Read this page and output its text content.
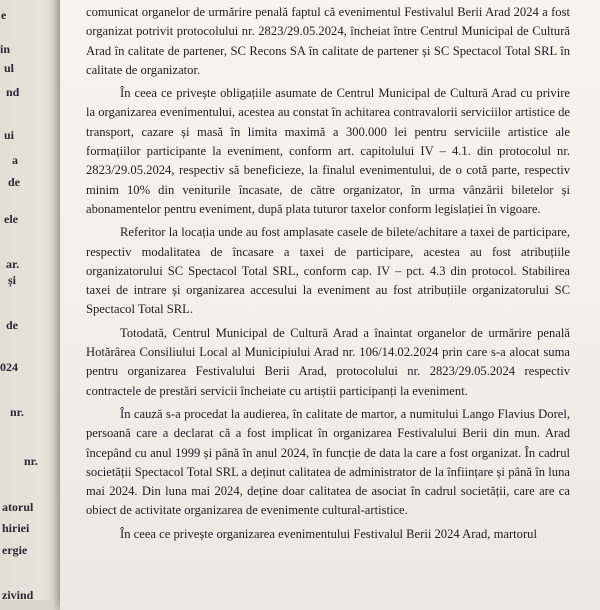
e
in
ul
nd
ui
a
de
ele
ar.
și
de
024
nr.
nr.
atorul
hiriei
ergie
zivind

comunicat organelor de urmărire penală faptul că evenimentul Festivalul Berii Arad 2024 a fost organizat potrivit protocolului nr. 2823/29.05.2024, încheiat între Centrul Municipal de Cultură Arad în calitate de partener, SC Recons SA în calitate de partener și SC Spectacol Total SRL în calitate de organizator.

În ceea ce privește obligațiile asumate de Centrul Municipal de Cultură Arad cu privire la organizarea evenimentului, acestea au constat în achitarea contravalorii serviciilor artistice de transport, cazare și masă în limita maximă a 300.000 lei pentru serviciile artistice ale formațiilor participante la eveniment, conform art. capitolului IV – 4.1. din protocolul nr. 2823/29.05.2024, respectiv să beneficieze, la finalul evenimentului, de o cotă parte, respectiv minim 10% din veniturile încasate, de către organizator, în urma vânzării biletelor și abonamentelor pentru eveniment, după plata tuturor taxelor conform legislației în vigoare.

Referitor la locația unde au fost amplasate casele de bilete/achitare a taxei de participare, respectiv modalitatea de încasare a taxei de participare, acestea au fost atribuțiile organizatorului SC Spectacol Total SRL, conform cap. IV – pct. 4.3 din protocol. Stabilirea taxei de intrare și organizarea accesului la eveniment au fost atribuțiile organizatorului SC Spectacol Total SRL.

Totodată, Centrul Municipal de Cultură Arad a înaintat organelor de urmărire penală Hotărârea Consiliului Local al Municipiului Arad nr. 106/14.02.2024 prin care s-a alocat suma pentru organizarea Festivalului Berii Arad, protocolului nr. 2823/29.05.2024 respectiv contractele de prestări servicii încheiate cu artiștii participanți la eveniment.

În cauză s-a procedat la audierea, în calitate de martor, a numitului Lango Flavius Dorel, persoană care a declarat că a fost implicat în organizarea Festivalului Berii din mun. Arad începând cu anul 1999 și până în anul 2024, în funcție de data la care a fost organizat. În cadrul societății Spectacol Total SRL a deținut calitatea de administrator de la înființare și până în luna mai 2024. Din luna mai 2024, deține doar calitatea de asociat în cadrul societății, care are ca obiect de activitate organizarea de evenimente cultural-artistice.

În ceea ce privește organizarea evenimentului Festivalul Berii 2024 Arad, martorul
